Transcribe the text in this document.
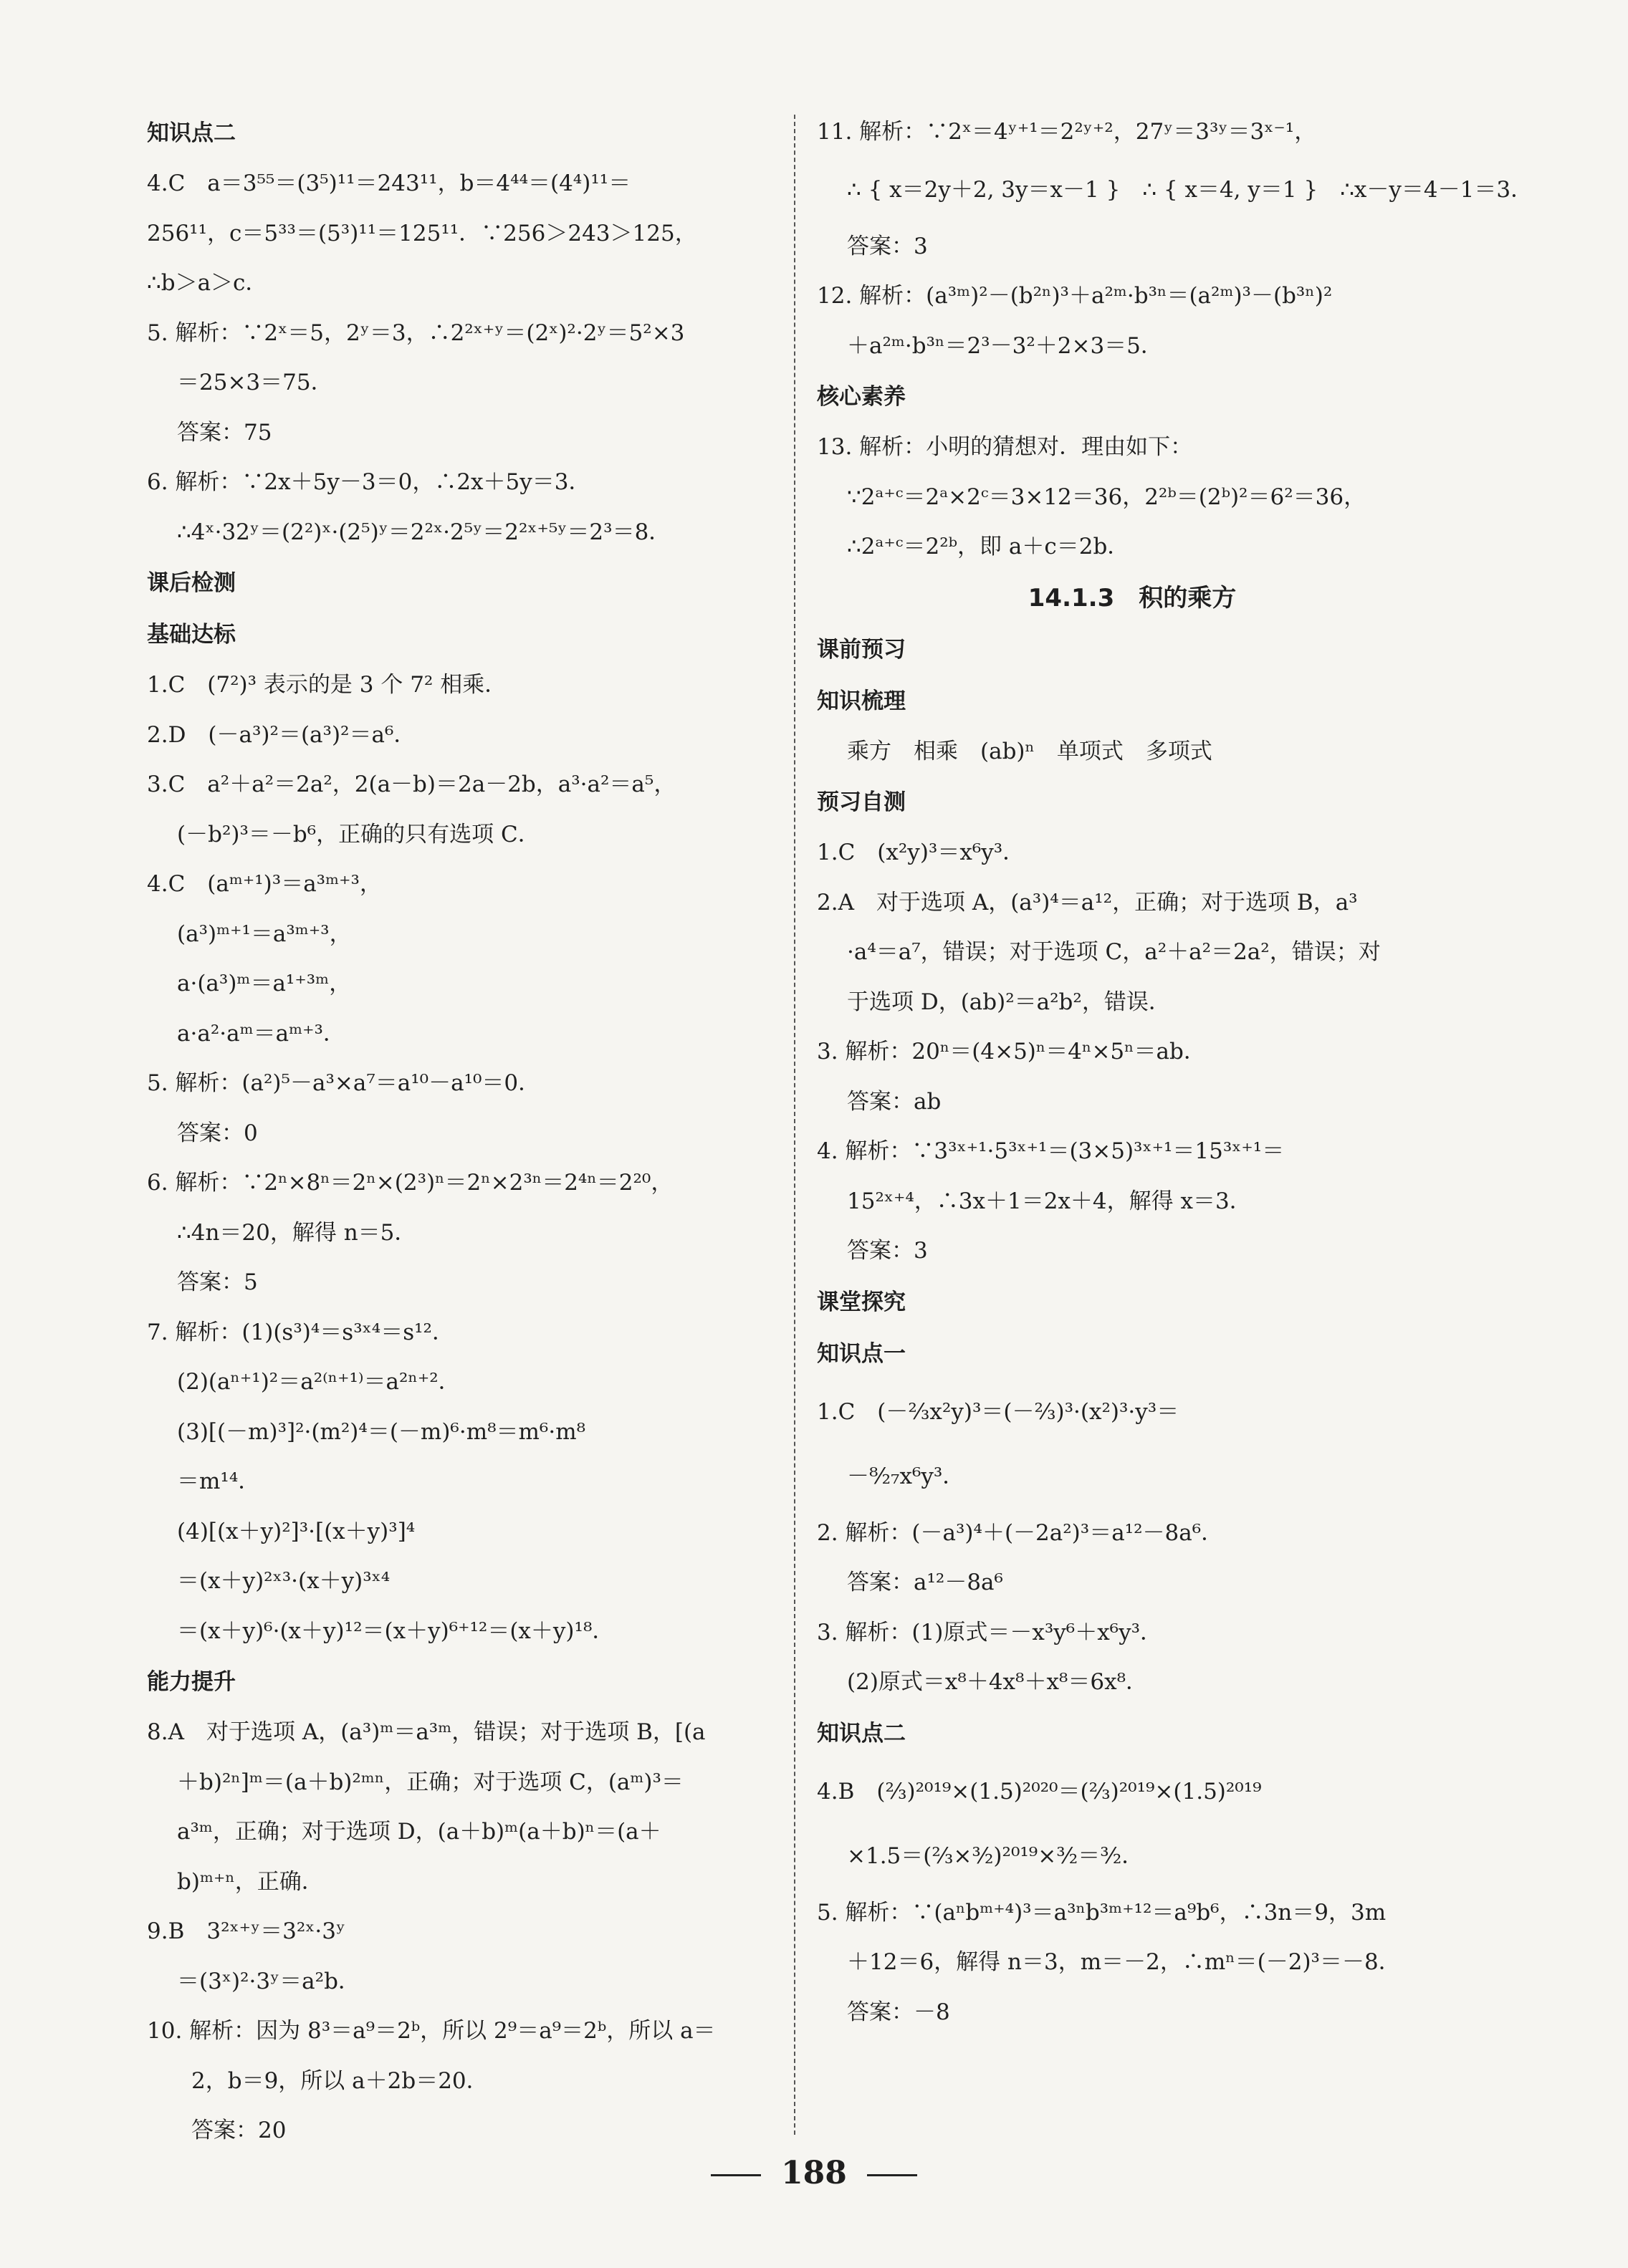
知识点二
4.C　a＝3⁵⁵＝(3⁵)¹¹＝243¹¹，b＝4⁴⁴＝(4⁴)¹¹＝
256¹¹，c＝5³³＝(5³)¹¹＝125¹¹．∵256＞243＞125，
∴b＞a＞c．
5. 解析：∵2ˣ＝5，2ʸ＝3，∴2²ˣ⁺ʸ＝(2ˣ)²·2ʸ＝5²×3
＝25×3＝75．
答案：75
6. 解析：∵2x＋5y－3＝0，∴2x＋5y＝3．
∴4ˣ·32ʸ＝(2²)ˣ·(2⁵)ʸ＝2²ˣ·2⁵ʸ＝2²ˣ⁺⁵ʸ＝2³＝8．
课后检测
基础达标
1.C　(7²)³ 表示的是 3 个 7² 相乘．
2.D　(－a³)²＝(a³)²＝a⁶．
3.C　a²＋a²＝2a²，2(a－b)＝2a－2b，a³·a²＝a⁵，
(－b²)³＝－b⁶，正确的只有选项 C．
4.C　(aᵐ⁺¹)³＝a³ᵐ⁺³，
(a³)ᵐ⁺¹＝a³ᵐ⁺³，
a·(a³)ᵐ＝a¹⁺³ᵐ，
a·a²·aᵐ＝aᵐ⁺³．
5. 解析：(a²)⁵－a³×a⁷＝a¹⁰－a¹⁰＝0．
答案：0
6. 解析：∵2ⁿ×8ⁿ＝2ⁿ×(2³)ⁿ＝2ⁿ×2³ⁿ＝2⁴ⁿ＝2²⁰，
∴4n＝20，解得 n＝5．
答案：5
7. 解析：(1)(s³)⁴＝s³ˣ⁴＝s¹²．
(2)(aⁿ⁺¹)²＝a²⁽ⁿ⁺¹⁾＝a²ⁿ⁺²．
(3)[(－m)³]²·(m²)⁴＝(－m)⁶·m⁸＝m⁶·m⁸
＝m¹⁴．
(4)[(x＋y)²]³·[(x＋y)³]⁴
＝(x＋y)²ˣ³·(x＋y)³ˣ⁴
＝(x＋y)⁶·(x＋y)¹²＝(x＋y)⁶⁺¹²＝(x＋y)¹⁸．
能力提升
8.A　对于选项 A，(a³)ᵐ＝a³ᵐ，错误；对于选项 B，[(a
＋b)²ⁿ]ᵐ＝(a＋b)²ᵐⁿ，正确；对于选项 C，(aᵐ)³＝
a³ᵐ，正确；对于选项 D，(a＋b)ᵐ(a＋b)ⁿ＝(a＋
b)ᵐ⁺ⁿ，正确．
9.B　3²ˣ⁺ʸ＝3²ˣ·3ʸ
＝(3ˣ)²·3ʸ＝a²b．
10. 解析：因为 8³＝a⁹＝2ᵇ，所以 2⁹＝a⁹＝2ᵇ，所以 a＝
2，b＝9，所以 a＋2b＝20．
答案：20
11. 解析：∵2ˣ＝4ʸ⁺¹＝2²ʸ⁺²，27ʸ＝3³ʸ＝3ˣ⁻¹，
∴ { x＝2y＋2, 3y＝x－1 }　∴ { x＝4, y＝1 }　∴x－y＝4－1＝3．
答案：3
12. 解析：(a³ᵐ)²－(b²ⁿ)³＋a²ᵐ·b³ⁿ＝(a²ᵐ)³－(b³ⁿ)²
＋a²ᵐ·b³ⁿ＝2³－3²＋2×3＝5．
核心素养
13. 解析：小明的猜想对．理由如下：
∵2ᵃ⁺ᶜ＝2ᵃ×2ᶜ＝3×12＝36，2²ᵇ＝(2ᵇ)²＝6²＝36，
∴2ᵃ⁺ᶜ＝2²ᵇ，即 a＋c＝2b．
14.1.3　积的乘方
课前预习
知识梳理
乘方　相乘　(ab)ⁿ　单项式　多项式
预习自测
1.C　(x²y)³＝x⁶y³．
2.A　对于选项 A，(a³)⁴＝a¹²，正确；对于选项 B，a³
·a⁴＝a⁷，错误；对于选项 C，a²＋a²＝2a²，错误；对
于选项 D，(ab)²＝a²b²，错误．
3. 解析：20ⁿ＝(4×5)ⁿ＝4ⁿ×5ⁿ＝ab．
答案：ab
4. 解析：∵3³ˣ⁺¹·5³ˣ⁺¹＝(3×5)³ˣ⁺¹＝15³ˣ⁺¹＝
15²ˣ⁺⁴，∴3x＋1＝2x＋4，解得 x＝3．
答案：3
课堂探究
知识点一
1.C　(－⅔x²y)³＝(－⅔)³·(x²)³·y³＝
－⁸⁄₂₇x⁶y³．
2. 解析：(－a³)⁴＋(－2a²)³＝a¹²－8a⁶．
答案：a¹²－8a⁶
3. 解析：(1)原式＝－x³y⁶＋x⁶y³．
(2)原式＝x⁸＋4x⁸＋x⁸＝6x⁸．
知识点二
4.B　(⅔)²⁰¹⁹×(1.5)²⁰²⁰＝(⅔)²⁰¹⁹×(1.5)²⁰¹⁹
×1.5＝(⅔×³⁄₂)²⁰¹⁹×³⁄₂＝³⁄₂．
5. 解析：∵(aⁿbᵐ⁺⁴)³＝a³ⁿb³ᵐ⁺¹²＝a⁹b⁶，∴3n＝9，3m
＋12＝6，解得 n＝3，m＝－2，∴mⁿ＝(－2)³＝－8．
答案：－8
188
